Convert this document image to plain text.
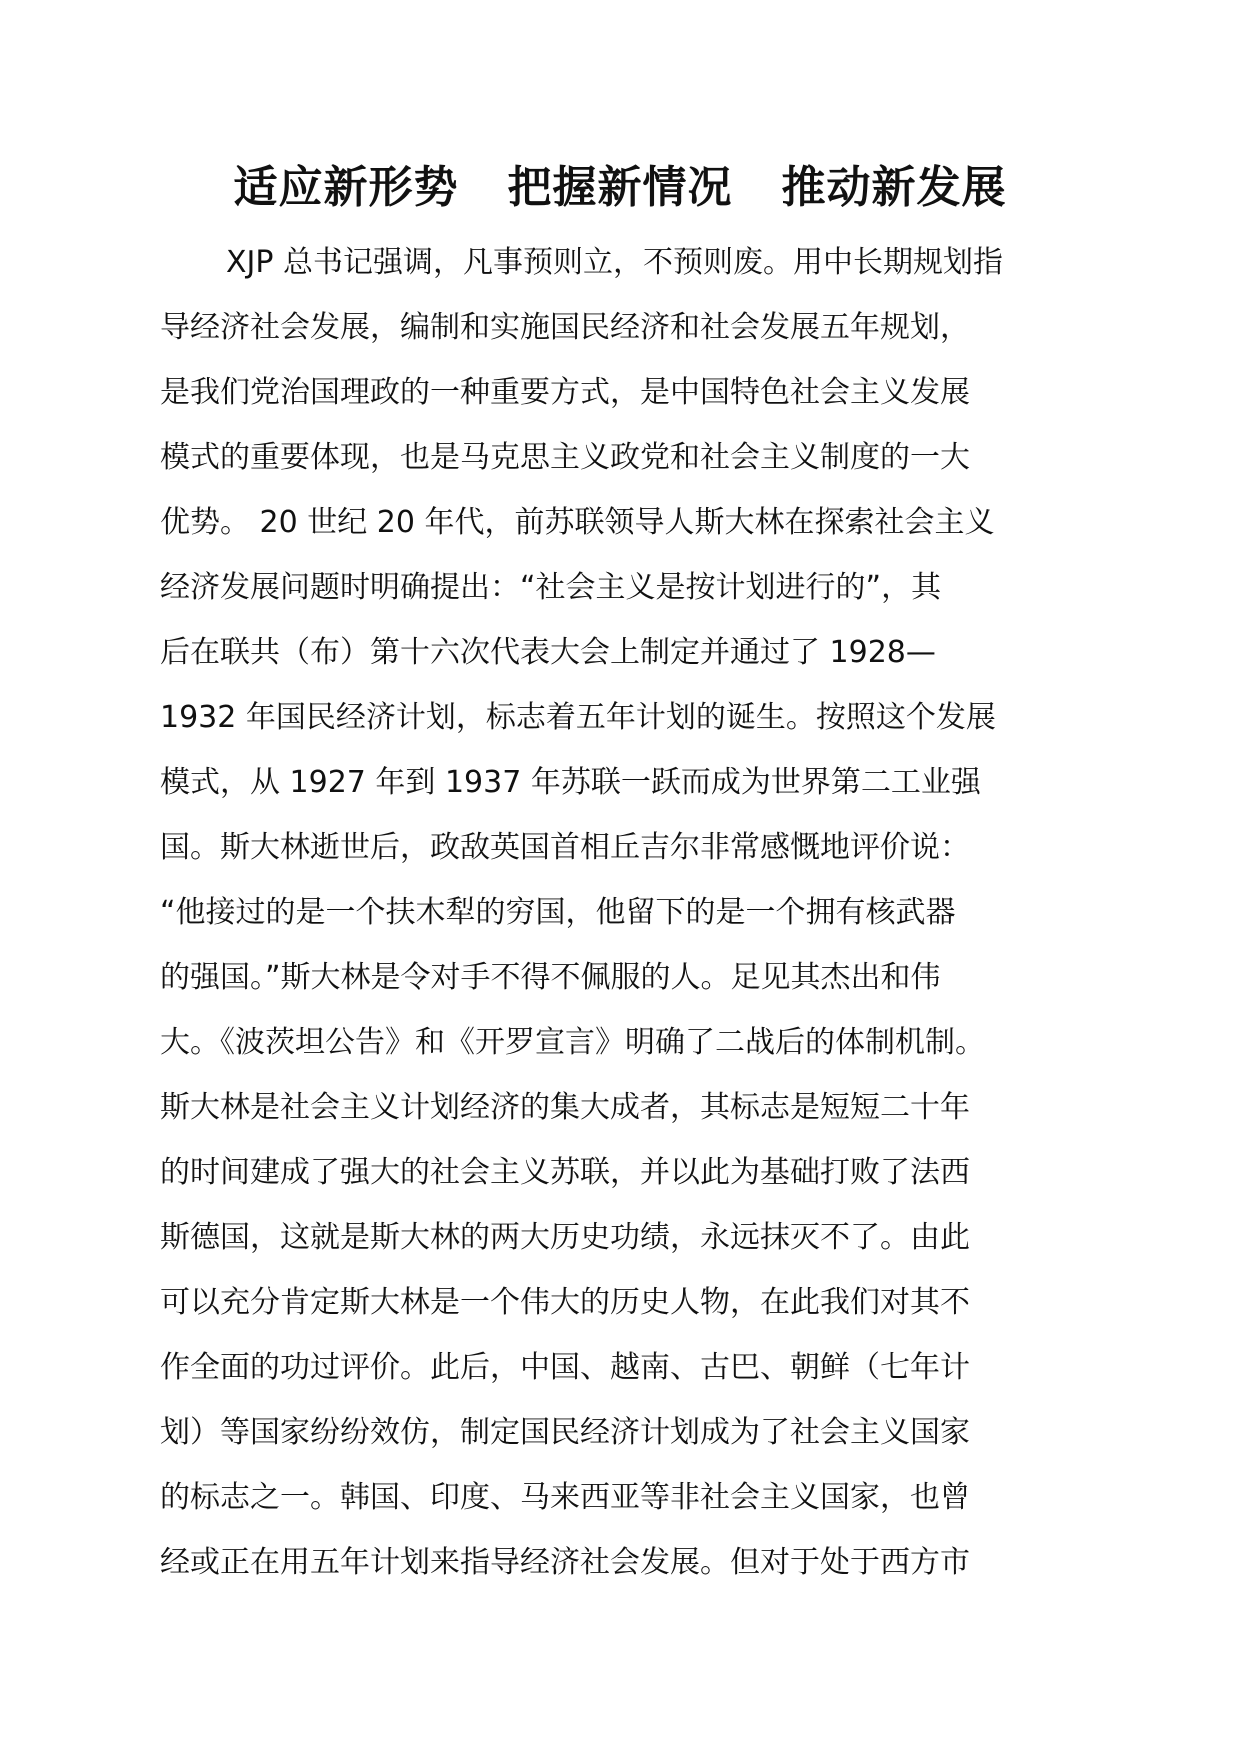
适应新形势   把握新情况   推动新发展
XJP 总书记强调，凡事预则立，不预则废。用中长期规划指
导经济社会发展，编制和实施国民经济和社会发展五年规划，
是我们党治国理政的一种重要方式，是中国特色社会主义发展
模式的重要体现，也是马克思主义政党和社会主义制度的一大
优势。 20 世纪 20 年代，前苏联领导人斯大林在探索社会主义
经济发展问题时明确提出：“社会主义是按计划进行的”，其
后在联共（布）第十六次代表大会上制定并通过了 1928—
1932 年国民经济计划，标志着五年计划的诞生。按照这个发展
模式，从 1927 年到 1937 年苏联一跃而成为世界第二工业强
国。斯大林逝世后，政敌英国首相丘吉尔非常感慨地评价说：
“他接过的是一个扶木犁的穷国，他留下的是一个拥有核武器
的强国。”斯大林是令对手不得不佩服的人。足见其杰出和伟
大。《波茨坦公告》和《开罗宣言》明确了二战后的体制机制。
斯大林是社会主义计划经济的集大成者，其标志是短短二十年
的时间建成了强大的社会主义苏联，并以此为基础打败了法西
斯德国，这就是斯大林的两大历史功绩，永远抹灭不了。由此
可以充分肯定斯大林是一个伟大的历史人物，在此我们对其不
作全面的功过评价。此后，中国、越南、古巴、朝鲜（七年计
划）等国家纷纷效仿，制定国民经济计划成为了社会主义国家
的标志之一。韩国、印度、马来西亚等非社会主义国家，也曾
经或正在用五年计划来指导经济社会发展。但对于处于西方市
